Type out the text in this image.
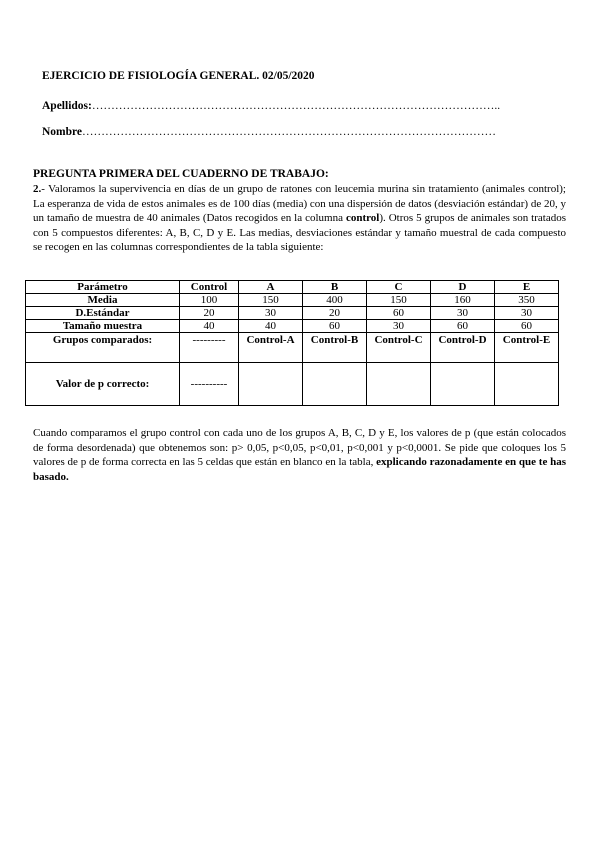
EJERCICIO DE FISIOLOGÍA GENERAL. 02/05/2020
Apellidos:……………………………………………………………………………………………..
Nombre………………………………………………………………………………………………
PREGUNTA PRIMERA DEL CUADERNO DE TRABAJO:
2.- Valoramos la supervivencia en días de un grupo de ratones con leucemia murina sin tratamiento (animales control); La esperanza de vida de estos animales es de 100 días (media) con una dispersión de datos (desviación estándar) de 20, y un tamaño de muestra de 40 animales (Datos recogidos en la columna control). Otros 5 grupos de animales son tratados con 5 compuestos diferentes: A, B, C, D y E. Las medias, desviaciones estándar y tamaño muestral de cada compuesto se recogen en las columnas correspondientes de la tabla siguiente:
Parámetro	Control	A	B	C	D	E
Media	100	150	400	150	160	350
D.Estándar	20	30	20	60	30	30
Tamaño muestra	40	40	60	30	60	60
Grupos comparados:	---------	Control-A	Control-B	Control-C	Control-D	Control-E
Valor de p correcto:	----------					
Cuando comparamos el grupo control con cada uno de los grupos A, B, C, D y E, los valores de p (que están colocados de forma desordenada) que obtenemos son: p> 0,05, p<0,05, p<0,01, p<0,001 y p<0,0001. Se pide que coloques los 5 valores de p de forma correcta en las 5 celdas que están en blanco en la tabla, explicando razonadamente en que te has basado.
